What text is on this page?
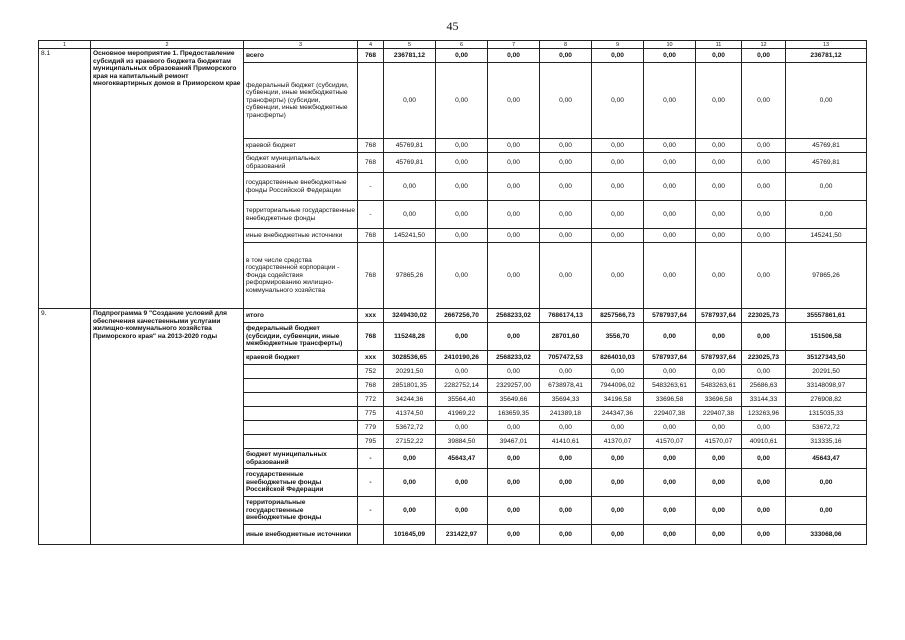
45
1	2	3	4	5	6	7	8	9	10	11	12	13
8.1	Основное мероприятие 1. Предоставление субсидий из краевого бюджета бюджетам муниципальных образований Приморского края на капитальный ремонт многоквартирных домов в Приморском крае	всего	768	236781,12	0,00	0,00	0,00	0,00	0,00	0,00	0,00	236781,12
		федеральный бюджет (субсидии, субвенции, иные межбюджетные трансферты) (субсидии, субвенции, иные межбюджетные трансферты)		0,00	0,00	0,00	0,00	0,00	0,00	0,00	0,00	0,00
		краевой бюджет	768	45769,81	0,00	0,00	0,00	0,00	0,00	0,00	0,00	45769,81
		бюджет муниципальных образований	768	45769,81	0,00	0,00	0,00	0,00	0,00	0,00	0,00	45769,81
		государственные внебюджетные фонды Российской Федерации	-	0,00	0,00	0,00	0,00	0,00	0,00	0,00	0,00	0,00
		территориальные государственные внебюджетные фонды	-	0,00	0,00	0,00	0,00	0,00	0,00	0,00	0,00	0,00
		иные внебюджетные источники	768	145241,50	0,00	0,00	0,00	0,00	0,00	0,00	0,00	145241,50
		в том числе средства государственной корпорации - Фонда содействия реформированию жилищно-коммунального хозяйства	768	97865,26	0,00	0,00	0,00	0,00	0,00	0,00	0,00	97865,26
9.	Подпрограмма 9 "Создание условий для обеспечения качественными услугами жилищно-коммунального хозяйства Приморского края" на 2013-2020 годы	итого	xxx	3249430,02	2667256,70	2568233,02	7686174,13	8257566,73	5787937,64	5787937,64	223025,73	35557861,61
		федеральный бюджет (субсидии, субвенции, иные межбюджетные трансферты)	768	115248,28	0,00	0,00	28701,60	3556,70	0,00	0,00	0,00	151506,58
		краевой бюджет	xxx	3028536,65	2410190,26	2568233,02	7057472,53	8264010,03	5787937,64	5787937,64	223025,73	35127343,50
			752	20291,50	0,00	0,00	0,00	0,00	0,00	0,00	0,00	20291,50
			768	2851801,35	2282752,14	2329257,00	6738978,41	7944096,02	5483263,61	5483263,61	25686,63	33148098,97
			772	34244,36	35564,40	35649,66	35694,33	34196,58	33696,58	33696,58	33144,33	276908,82
			775	41374,50	41969,22	163659,35	241389,18	244347,36	229407,38	229407,38	123263,96	1315035,33
			779	53672,72	0,00	0,00	0,00	0,00	0,00	0,00	0,00	53672,72
			795	27152,22	39884,50	39467,01	41410,61	41370,07	41570,07	41570,07	40910,61	313335,16
		бюджет муниципальных образований	-	0,00	45643,47	0,00	0,00	0,00	0,00	0,00	0,00	45643,47
		государственные внебюджетные фонды Российской Федерации	-	0,00	0,00	0,00	0,00	0,00	0,00	0,00	0,00	0,00
		территориальные государственные внебюджетные фонды	-	0,00	0,00	0,00	0,00	0,00	0,00	0,00	0,00	0,00
		иные внебюджетные источники		101645,09	231422,97	0,00	0,00	0,00	0,00	0,00	0,00	333068,06
